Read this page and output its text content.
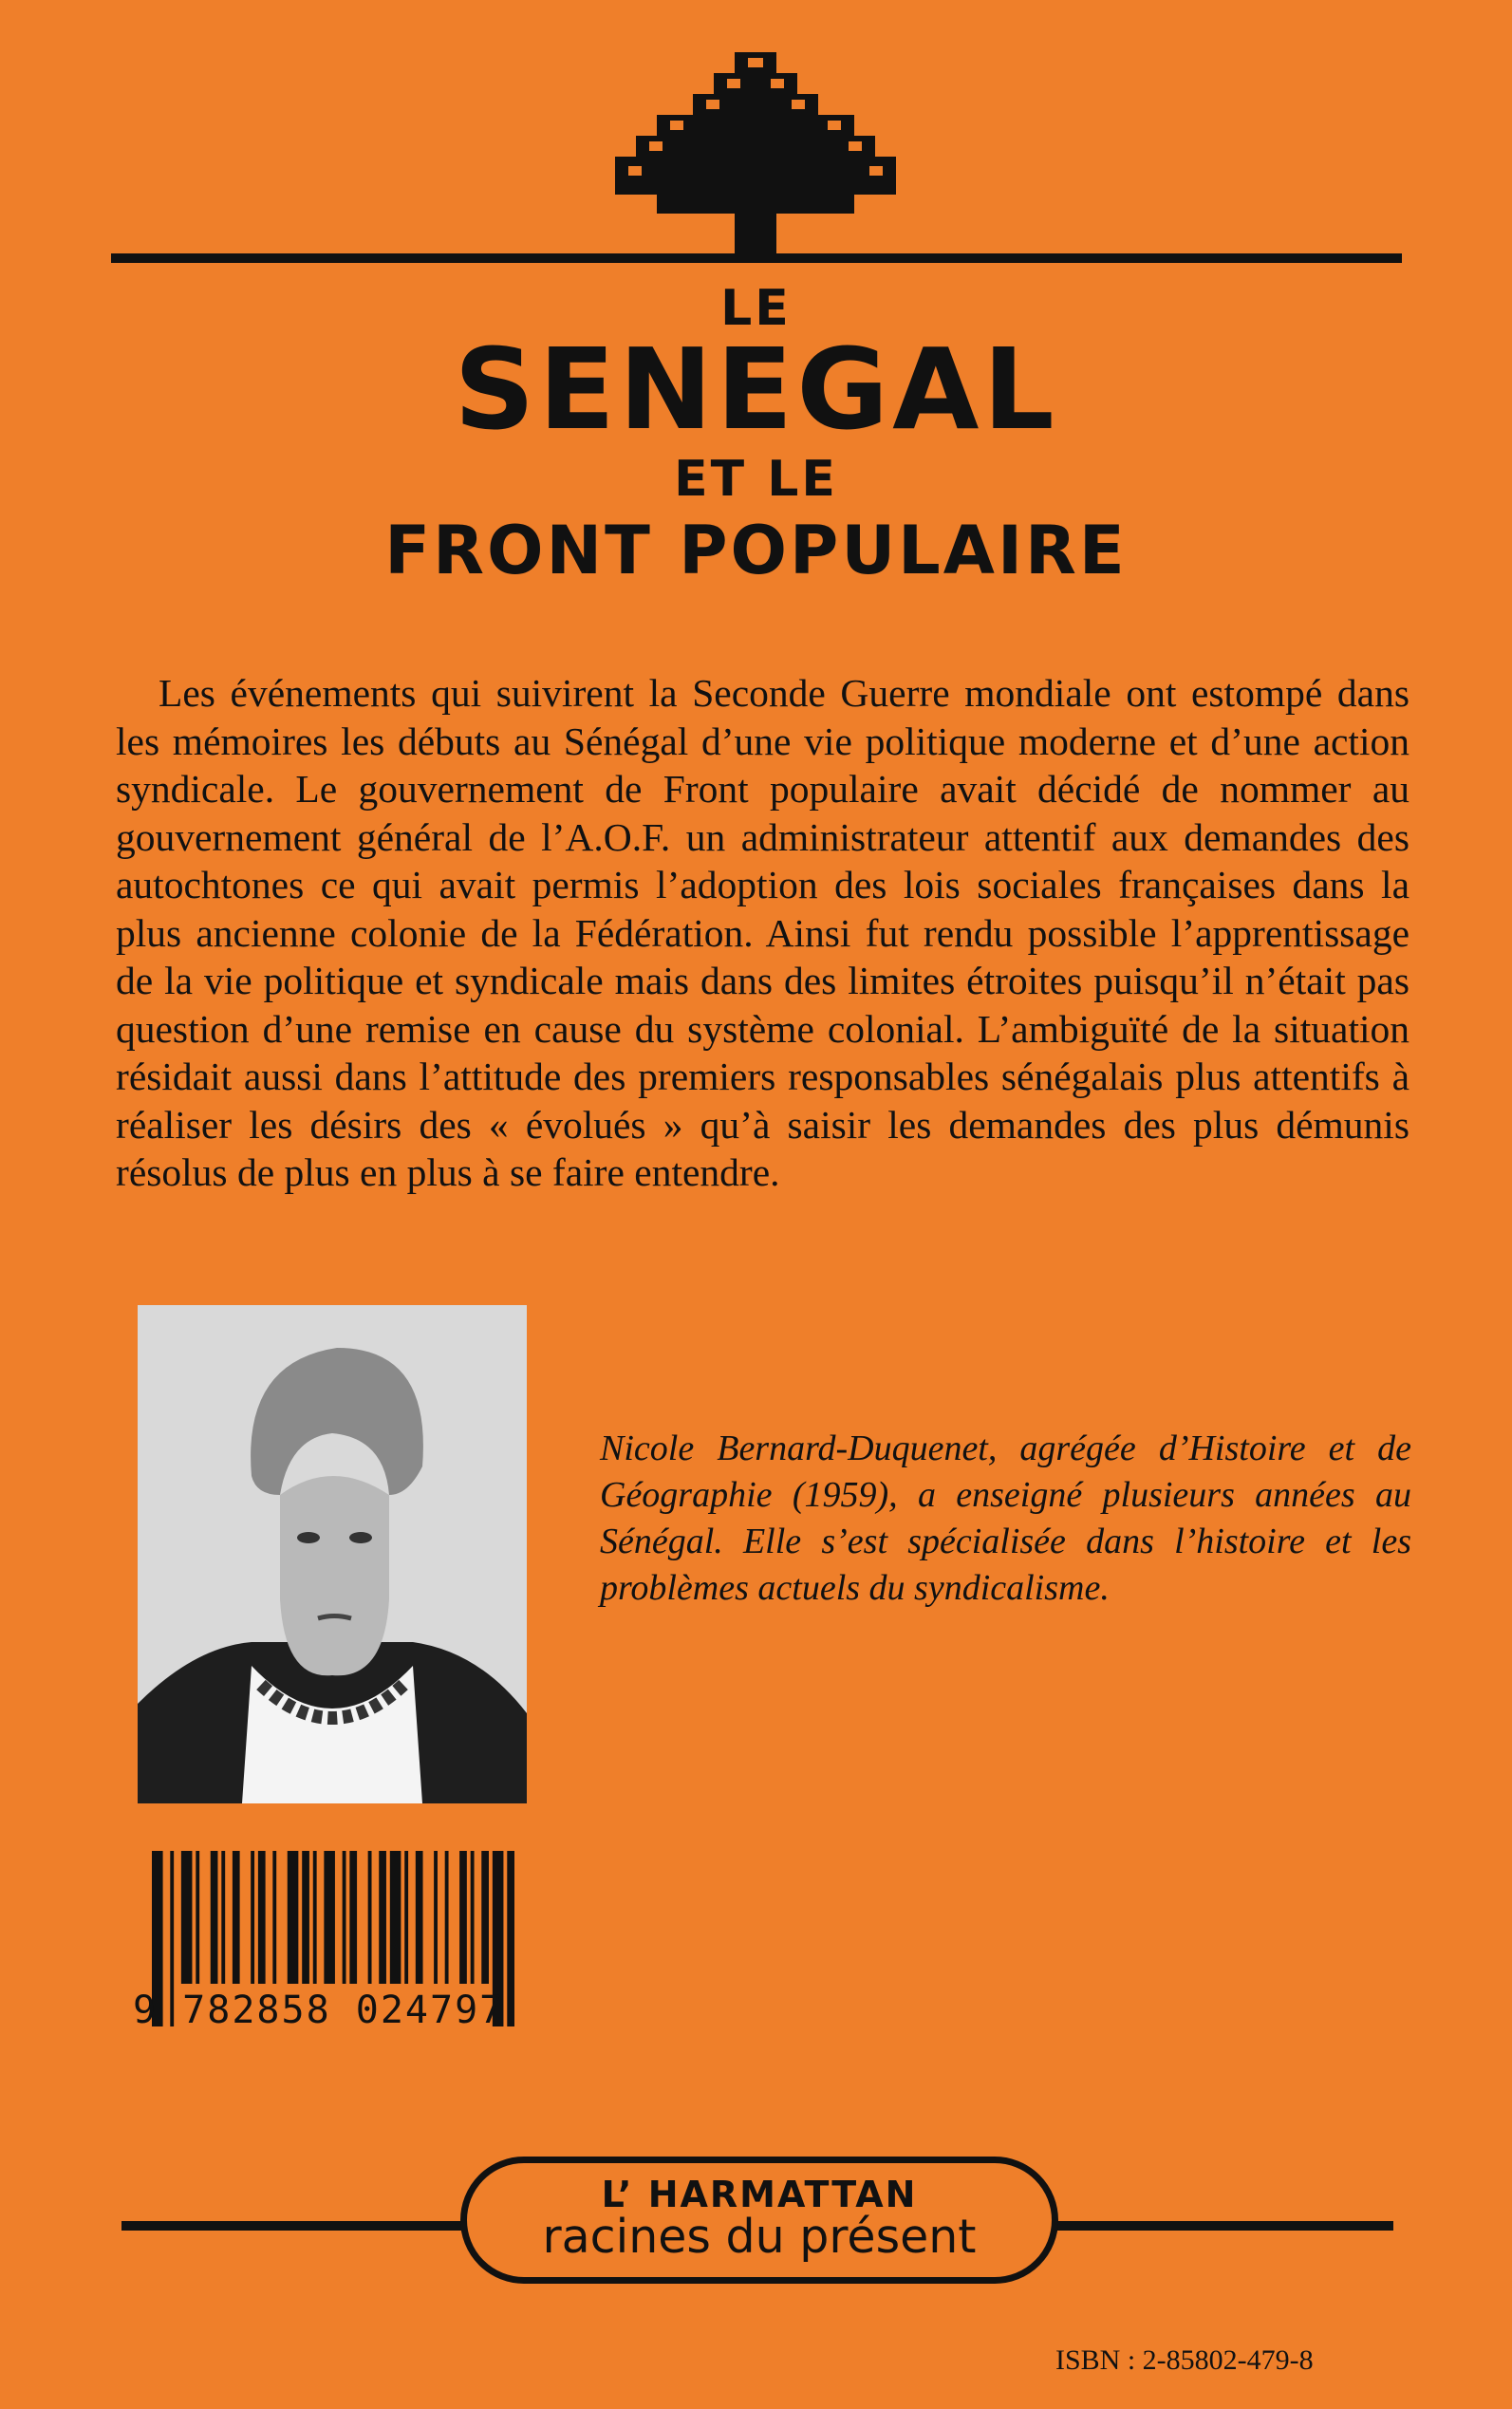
LE
SENEGAL
ET LE
FRONT POPULAIRE

Les événements qui suivirent la Seconde Guerre mondiale ont estompé dans les mémoires les débuts au Sénégal d’une vie politique moderne et d’une action syndicale. Le gouvernement de Front populaire avait décidé de nommer au gouvernement général de l’A.O.F. un administrateur attentif aux demandes des autochtones ce qui avait permis l’adoption des lois sociales françaises dans la plus ancienne colonie de la Fédération. Ainsi fut rendu possible l’apprentissage de la vie politique et syndicale mais dans des limites étroites puisqu’il n’était pas question d’une remise en cause du système colonial. L’ambiguïté de la situation résidait aussi dans l’attitude des premiers responsables sénégalais plus attentifs à réaliser les désirs des « évolués » qu’à saisir les demandes des plus démunis résolus de plus en plus à se faire entendre.

Nicole Bernard-Duquenet, agrégée d’Histoire et de Géographie (1959), a enseigné plusieurs années au Sénégal. Elle s’est spécialisée dans l’histoire et les problèmes actuels du syndicalisme.

9 782858 024797
L’ HARMATTAN
racines du présent
ISBN : 2-85802-479-8
